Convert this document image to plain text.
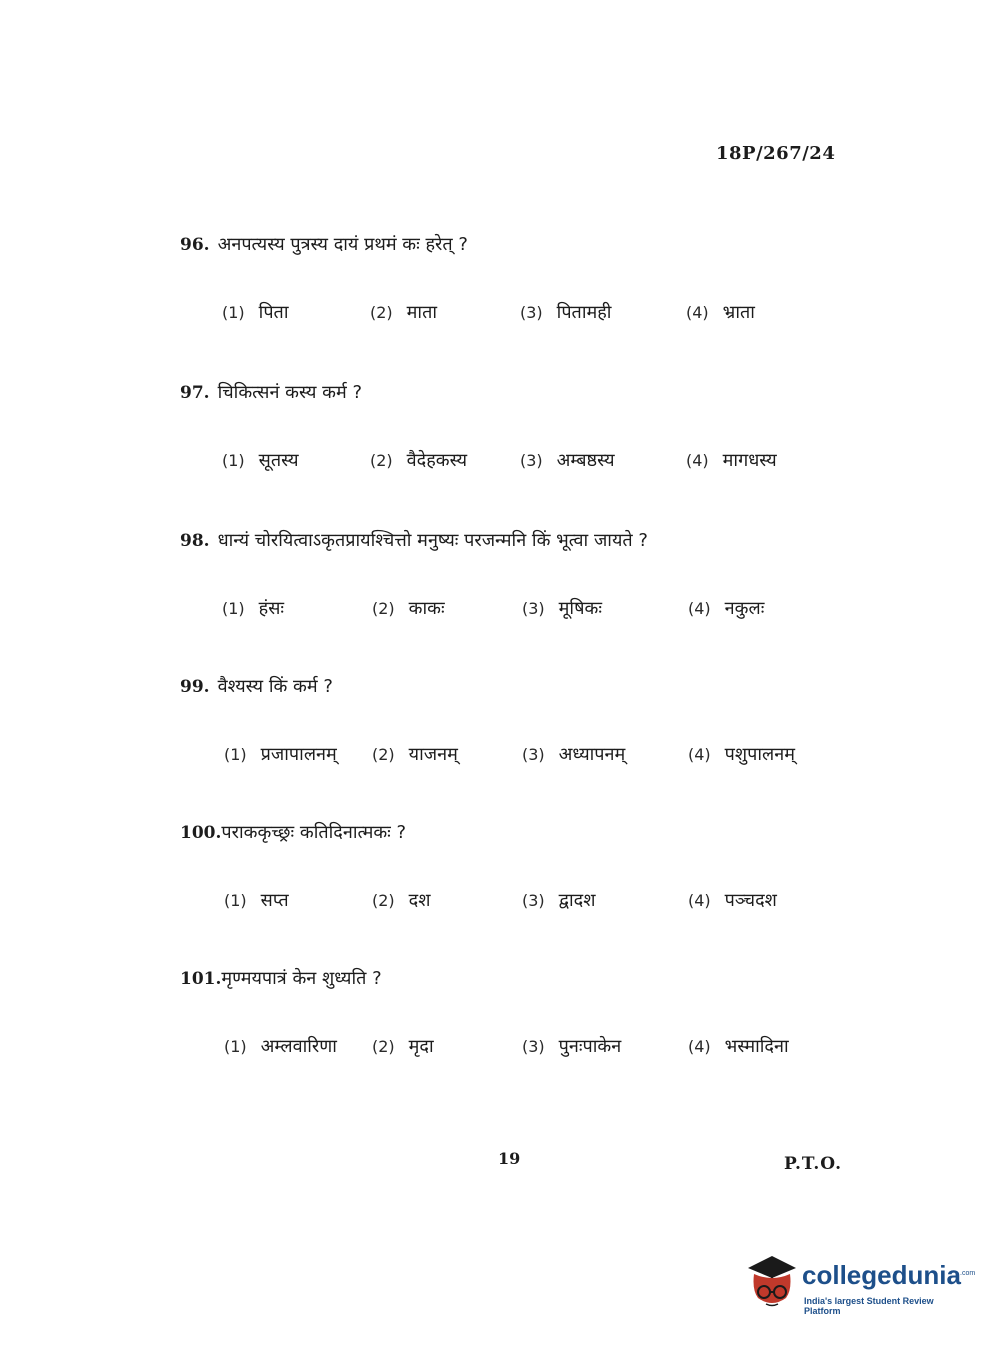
18P/267/24
96. अनपत्यस्य पुत्रस्य दायं प्रथमं कः हरेत् ?
(1) पिता	(2) माता	(3) पितामही	(4) भ्राता
97. चिकित्सनं कस्य कर्म ?
(1) सूतस्य	(2) वैदेहकस्य	(3) अम्बष्ठस्य	(4) मागधस्य
98. धान्यं चोरयित्वाऽकृतप्रायश्चित्तो मनुष्यः परजन्मनि किं भूत्वा जायते ?
(1) हंसः	(2) काकः	(3) मूषिकः	(4) नकुलः
99. वैश्यस्य किं कर्म ?
(1) प्रजापालनम् (2) याजनम्	(3) अध्यापनम्	(4) पशुपालनम्
100. पराककृच्छ्रः कतिदिनात्मकः ?
(1) सप्त	(2) दश	(3) द्वादश	(4) पञ्चदश
101. मृण्मयपात्रं केन शुध्यति ?
(1) अम्लवारिणा (2) मृदा	(3) पुनःपाकेन	(4) भस्मादिना
19	P.T.O.
collegedunia .com
India's largest Student Review Platform
